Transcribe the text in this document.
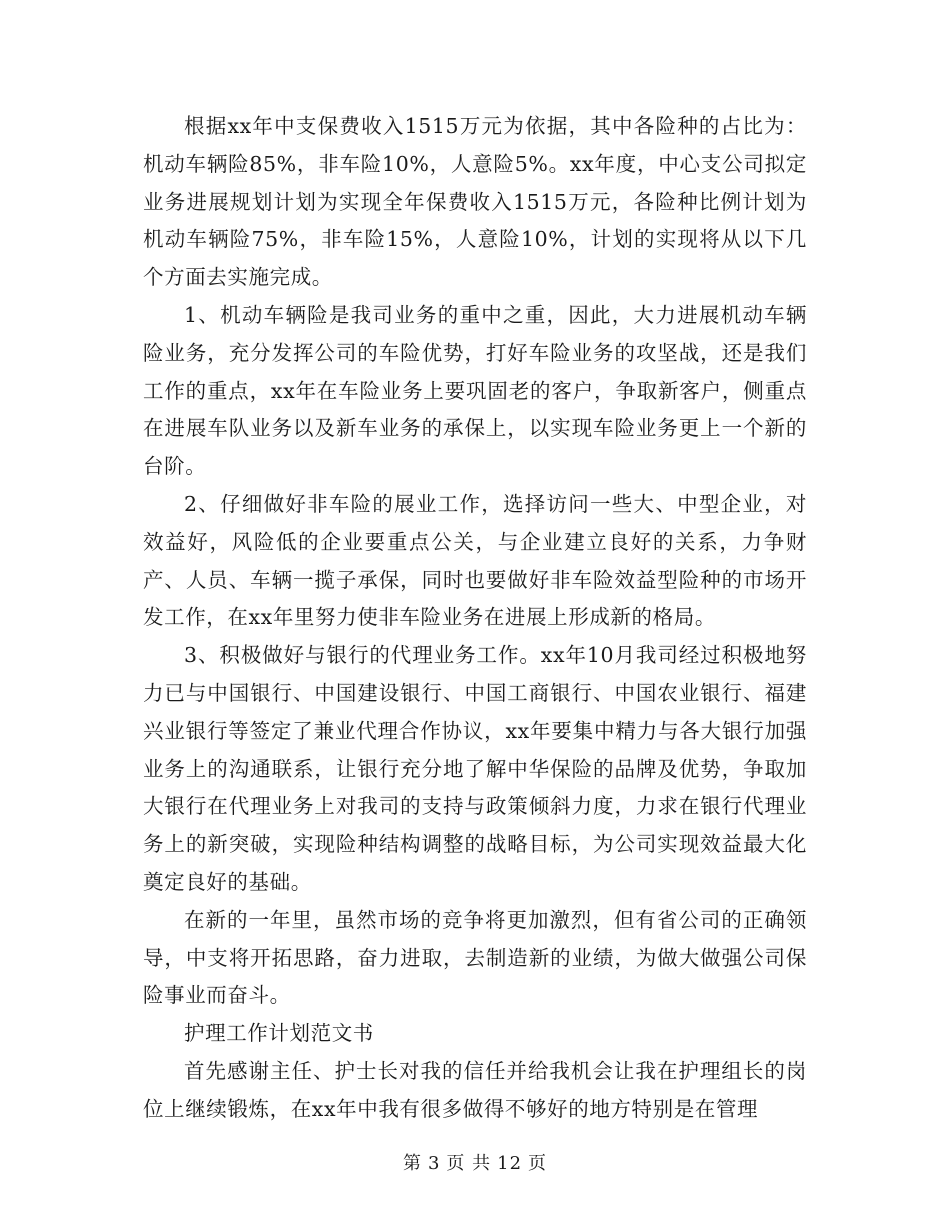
根据xx年中支保费收入1515万元为依据，其中各险种的占比为：机动车辆险85%，非车险10%，人意险5%。xx年度，中心支公司拟定业务进展规划计划为实现全年保费收入1515万元，各险种比例计划为机动车辆险75%，非车险15%，人意险10%，计划的实现将从以下几个方面去实施完成。

1、机动车辆险是我司业务的重中之重，因此，大力进展机动车辆险业务，充分发挥公司的车险优势，打好车险业务的攻坚战，还是我们工作的重点，xx年在车险业务上要巩固老的客户，争取新客户，侧重点在进展车队业务以及新车业务的承保上，以实现车险业务更上一个新的台阶。

2、仔细做好非车险的展业工作，选择访问一些大、中型企业，对效益好，风险低的企业要重点公关，与企业建立良好的关系，力争财产、人员、车辆一揽子承保，同时也要做好非车险效益型险种的市场开发工作，在xx年里努力使非车险业务在进展上形成新的格局。

3、积极做好与银行的代理业务工作。xx年10月我司经过积极地努力已与中国银行、中国建设银行、中国工商银行、中国农业银行、福建兴业银行等签定了兼业代理合作协议，xx年要集中精力与各大银行加强业务上的沟通联系，让银行充分地了解中华保险的品牌及优势，争取加大银行在代理业务上对我司的支持与政策倾斜力度，力求在银行代理业务上的新突破，实现险种结构调整的战略目标，为公司实现效益最大化奠定良好的基础。

在新的一年里，虽然市场的竞争将更加激烈，但有省公司的正确领导，中支将开拓思路，奋力进取，去制造新的业绩，为做大做强公司保险事业而奋斗。

护理工作计划范文书

首先感谢主任、护士长对我的信任并给我机会让我在护理组长的岗位上继续锻炼，在xx年中我有很多做得不够好的地方特别是在管理

第 3 页 共 12 页
